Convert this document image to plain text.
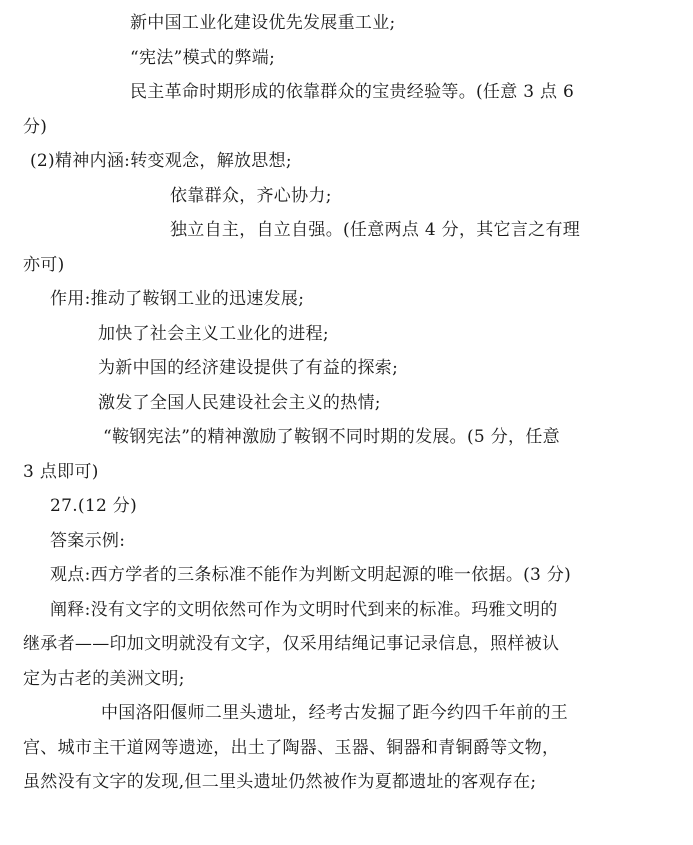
新中国工业化建设优先发展重工业;

“宪法”模式的弊端;

民主革命时期形成的依靠群众的宝贵经验等。(任意 3 点 6

分)

(2)精神内涵:转变观念，解放思想;

依靠群众，齐心协力;

独立自主，自立自强。(任意两点 4 分，其它言之有理

亦可)

作用:推动了鞍钢工业的迅速发展;

加快了社会主义工业化的进程;

为新中国的经济建设提供了有益的探索;

激发了全国人民建设社会主义的热情;

“鞍钢宪法”的精神激励了鞍钢不同时期的发展。(5 分，任意

3 点即可)

27.(12 分)

答案示例:

观点:西方学者的三条标准不能作为判断文明起源的唯一依据。(3 分)

阐释:没有文字的文明依然可作为文明时代到来的标准。玛雅文明的

继承者——印加文明就没有文字，仅采用结绳记事记录信息，照样被认

定为古老的美洲文明;

中国洛阳偃师二里头遗址，经考古发掘了距今约四千年前的王

宫、城市主干道网等遗迹，出土了陶器、玉器、铜器和青铜爵等文物，

虽然没有文字的发现,但二里头遗址仍然被作为夏都遗址的客观存在;
